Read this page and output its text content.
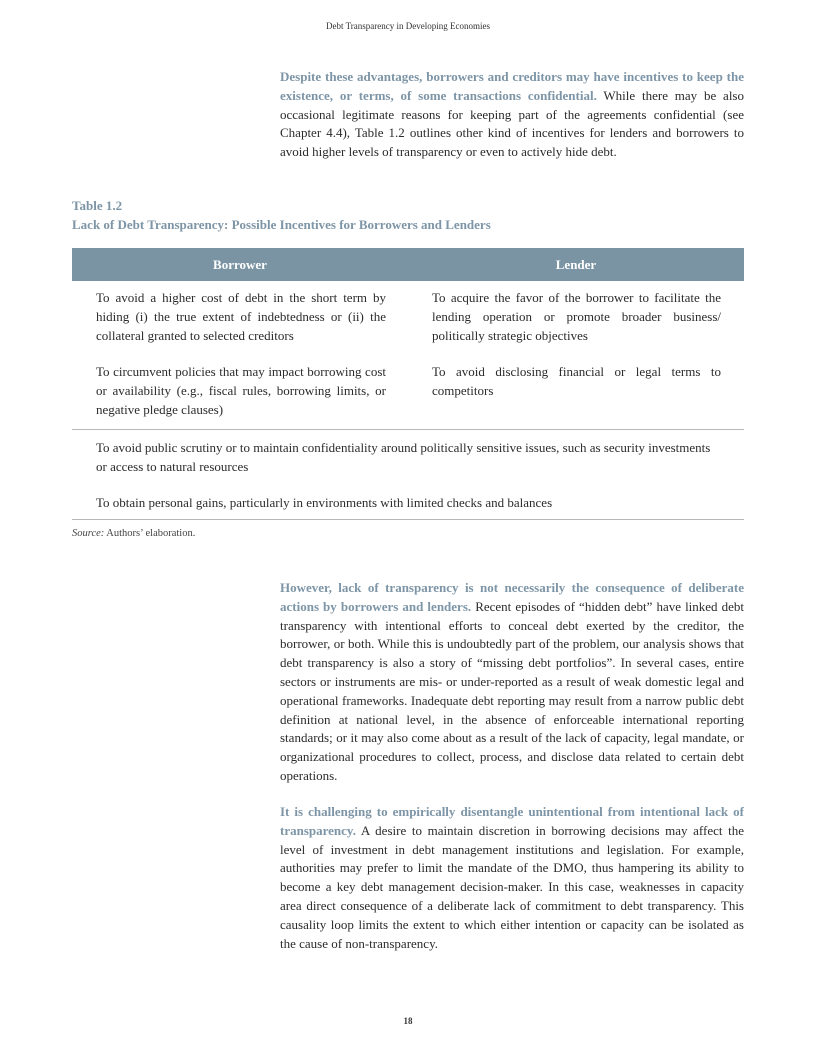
Debt Transparency in Developing Economies

Despite these advantages, borrowers and creditors may have incentives to keep the existence, or terms, of some transactions confidential. While there may be also occasional legitimate reasons for keeping part of the agreements confidential (see Chapter 4.4), Table 1.2 outlines other kind of incentives for lenders and borrowers to avoid higher levels of transparency or even to actively hide debt.

Table 1.2
Lack of Debt Transparency: Possible Incentives for Borrowers and Lenders
Borrower	Lender

To avoid a higher cost of debt in the short term by hiding (i) the true extent of indebtedness or (ii) the collateral granted to selected creditors

To circumvent policies that may impact borrowing cost or availability (e.g., fiscal rules, borrowing limits, or negative pledge clauses)

To acquire the favor of the borrower to facilitate the lending operation or promote broader business/ politically strategic objectives

To avoid disclosing financial or legal terms to competitors

To avoid public scrutiny or to maintain confidentiality around politically sensitive issues, such as security investments or access to natural resources

To obtain personal gains, particularly in environments with limited checks and balances

Source: Authors’ elaboration.

However, lack of transparency is not necessarily the consequence of deliberate actions by borrowers and lenders. Recent episodes of “hidden debt” have linked debt transparency with intentional efforts to conceal debt exerted by the creditor, the borrower, or both. While this is undoubtedly part of the problem, our analysis shows that debt transparency is also a story of “missing debt portfolios”. In several cases, entire sectors or instruments are mis- or under-reported as a result of weak domestic legal and operational frameworks. Inadequate debt reporting may result from a narrow public debt definition at national level, in the absence of enforceable international reporting standards; or it may also come about as a result of the lack of capacity, legal mandate, or organizational procedures to collect, process, and disclose data related to certain debt operations.

It is challenging to empirically disentangle unintentional from intentional lack of transparency. A desire to maintain discretion in borrowing decisions may affect the level of investment in debt management institutions and legislation. For example, authorities may prefer to limit the mandate of the DMO, thus hampering its ability to become a key debt management decision-maker. In this case, weaknesses in capacity area direct consequence of a deliberate lack of commitment to debt transparency. This causality loop limits the extent to which either intention or capacity can be isolated as the cause of non-transparency.

18
